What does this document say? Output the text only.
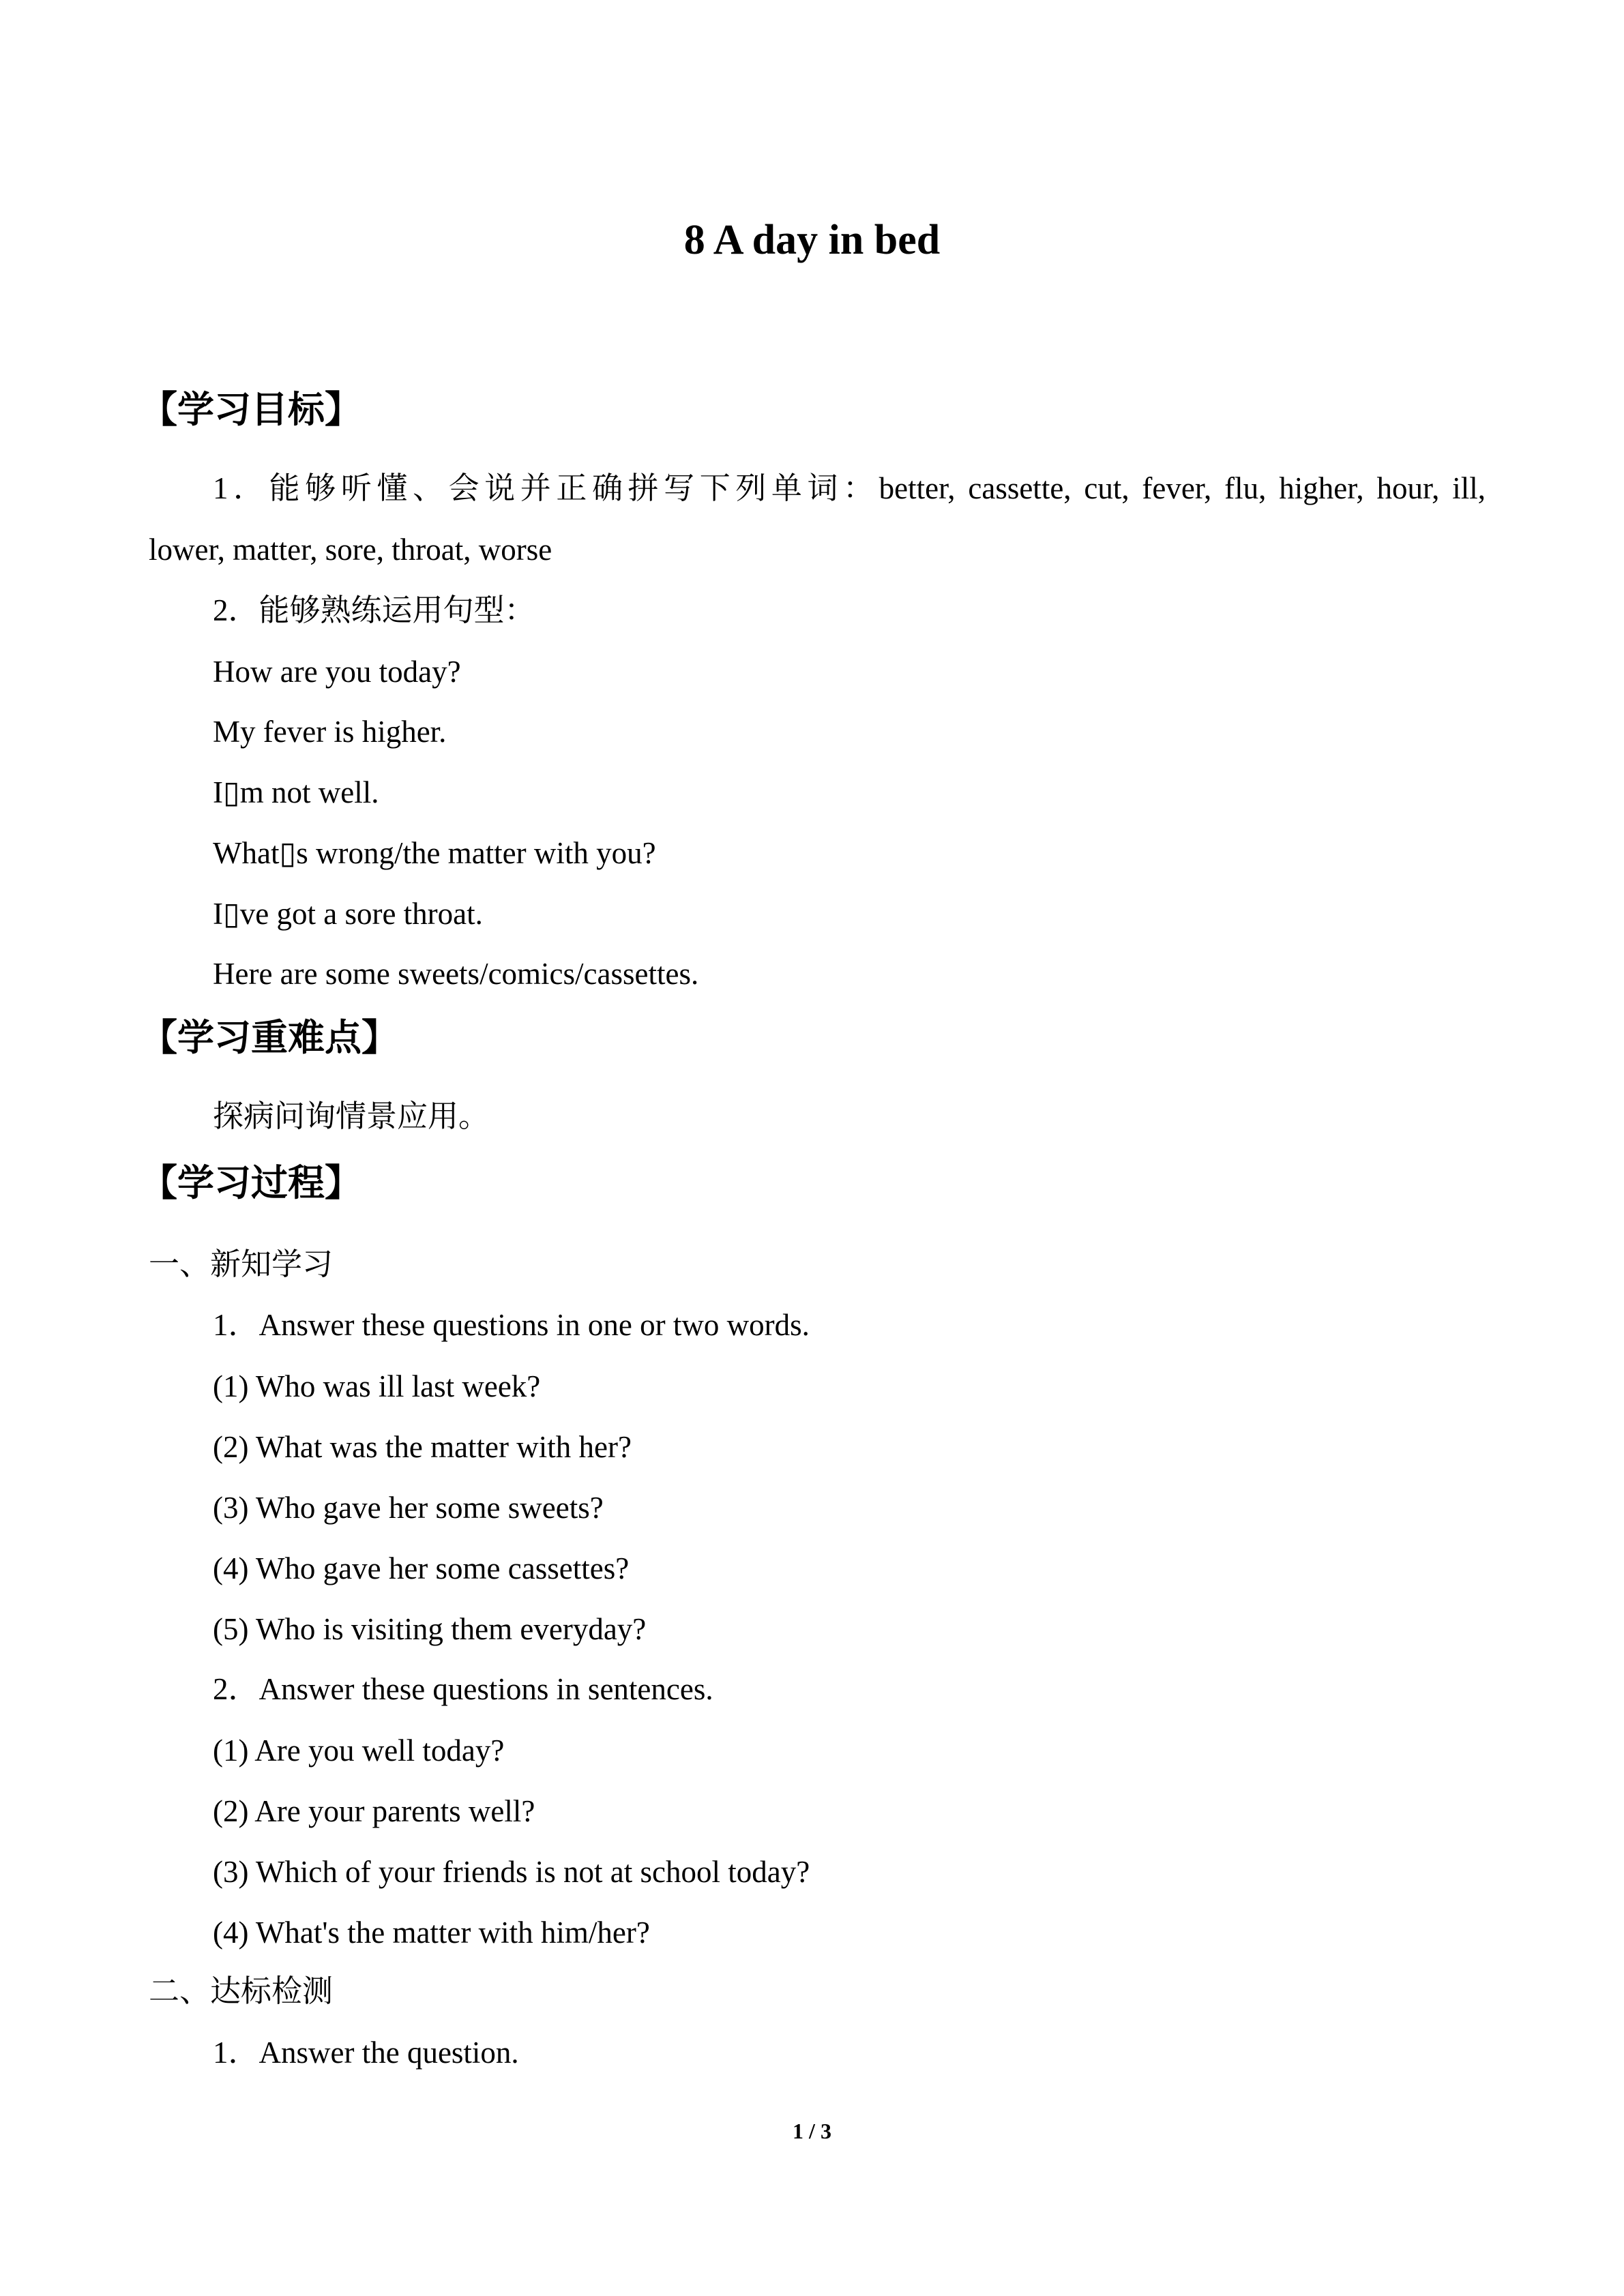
8 A day in bed
【学习目标】
1．能够听懂、会说并正确拼写下列单词：better, cassette, cut, fever, flu, higher, hour, ill,
lower, matter, sore, throat, worse
2．能够熟练运用句型：
How are you today?
My fever is higher.
I▯m not well.
What▯s wrong/the matter with you?
I▯ve got a sore throat.
Here are some sweets/comics/cassettes.
【学习重难点】
探病问询情景应用。
【学习过程】
一、新知学习
1．Answer these questions in one or two words.
(1) Who was ill last week?
(2) What was the matter with her?
(3) Who gave her some sweets?
(4) Who gave her some cassettes?
(5) Who is visiting them everyday?
2．Answer these questions in sentences.
(1) Are you well today?
(2) Are your parents well?
(3) Which of your friends is not at school today?
(4) What's the matter with him/her?
二、达标检测
1．Answer the question.
1 / 3
